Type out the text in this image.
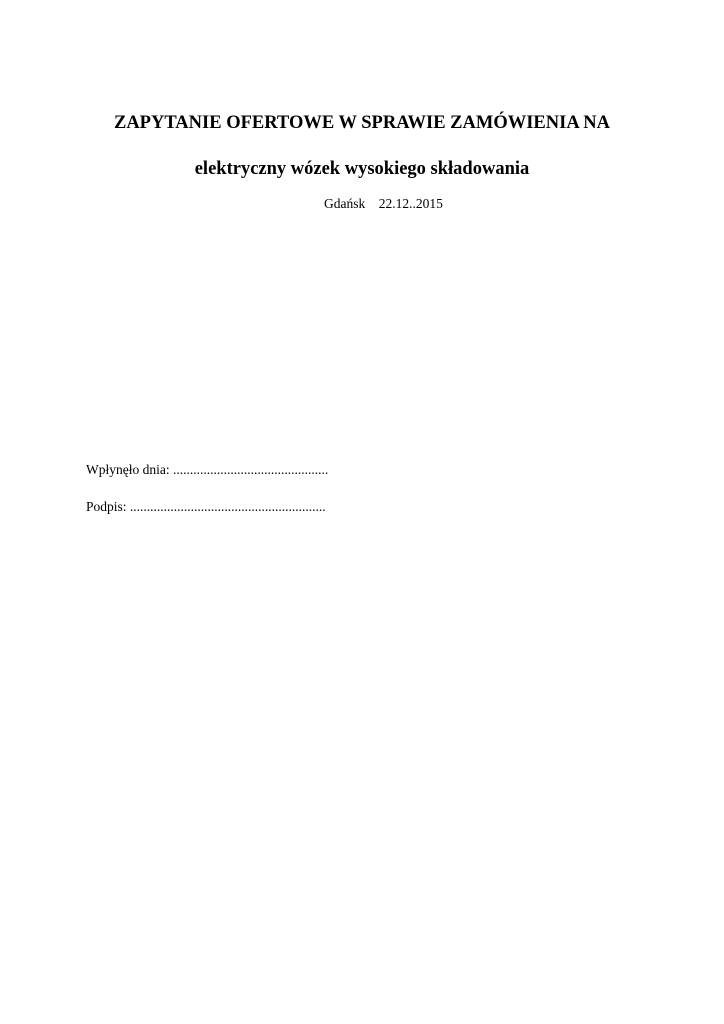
ZAPYTANIE OFERTOWE W SPRAWIE ZAMÓWIENIA NA
elektryczny wózek wysokiego składowania
Gdańsk 22.12..2015
Wpłynęło dnia: ..............................................
Podpis: ..........................................................
